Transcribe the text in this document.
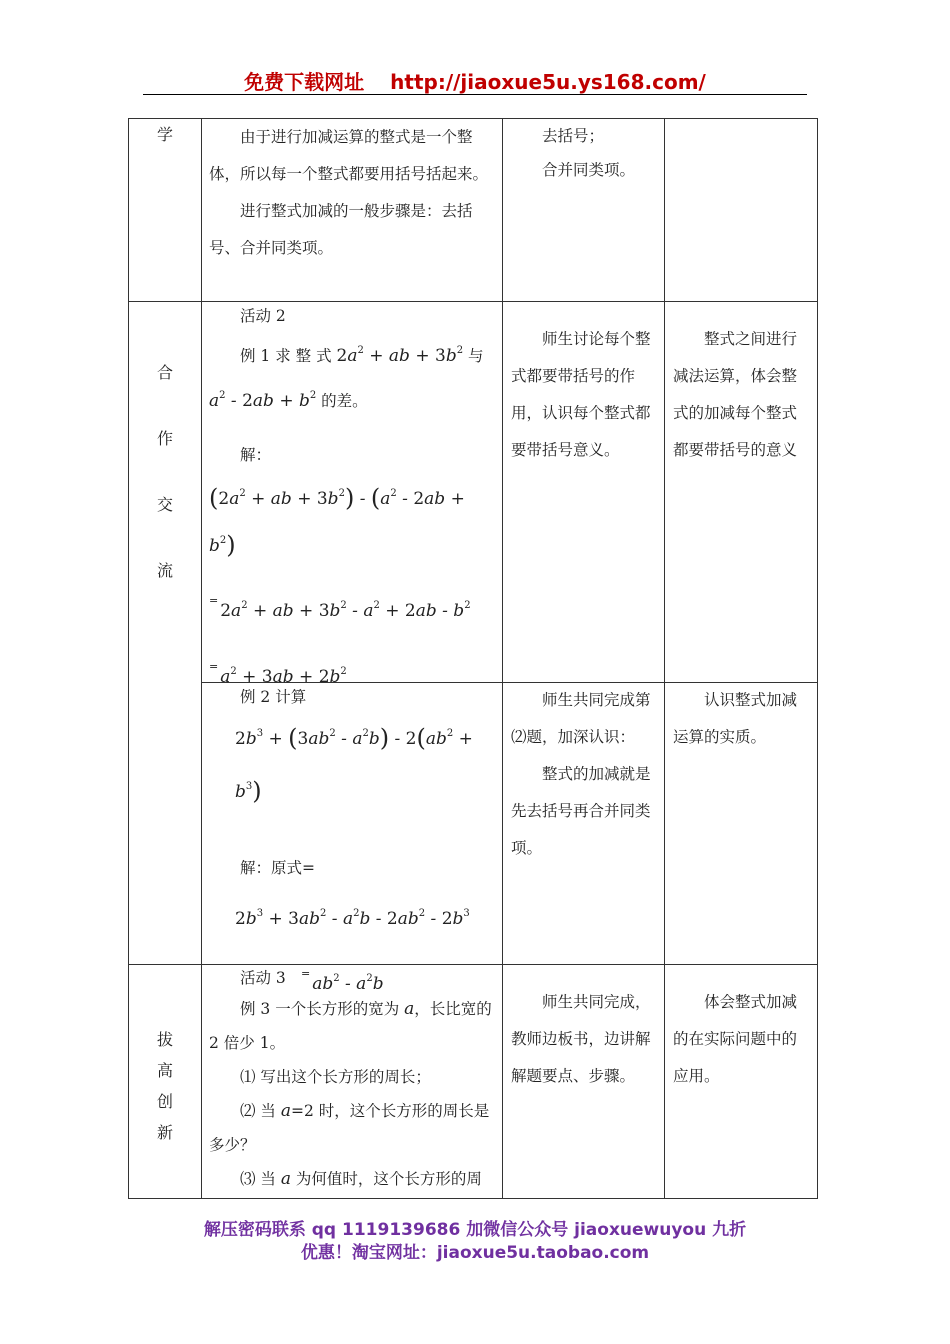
免费下载网址 http://jiaoxue5u.ys168.com/
学	由于进行加减运算的整式是一个整体，所以每一个整式都要用括号括起来。

进行整式加减的一般步骤是：去括号、合并同类项。

去括号；

合并同类项。

合
作
交
流

活动 2

例 1 求 整 式 $2a^2$ + ab + $3b^2$ 与

$a^2 - 2ab + b^2$ 的差。

解：

($2a^2$ + ab + $3b^2) - (a^2 - 2ab + b^2)$

$=2a^2$ + ab + $3b^2 - a^2 + 2ab - b^2$

$=a^2 + 3ab + 2b^2$

师生讨论每个整式都要带括号的作用，认识每个整式都要带括号意义。

整式之间进行减法运算，体会整式的加减每个整式都要带括号的意义

例 2 计算

$2b^3 + (3ab^2 - a^2b) - 2(ab^2 + b^3)$

解：原式=

$2b^3 + 3ab^2 - a^2b - 2ab^2 - 2b^3$

$=ab^2 - a^2b$

师生共同完成第⑵题，加深认识：

整式的加减就是先去括号再合并同类项。

认识整式加减运算的实质。

拔
高
创
新

活动 3

例 3 一个长方形的宽为 a，长比宽的 2 倍少 1。

⑴ 写出这个长方形的周长；

⑵ 当 a=2 时，这个长方形的周长是多少？

⑶ 当 a 为何值时，这个长方形的周

师生共同完成，教师边板书，边讲解解题要点、步骤。

体会整式加减的在实际问题中的应用。

解压密码联系 qq 1119139686 加微信公众号 jiaoxuewuyou 九折
优惠！淘宝网址：jiaoxue5u.taobao.com
